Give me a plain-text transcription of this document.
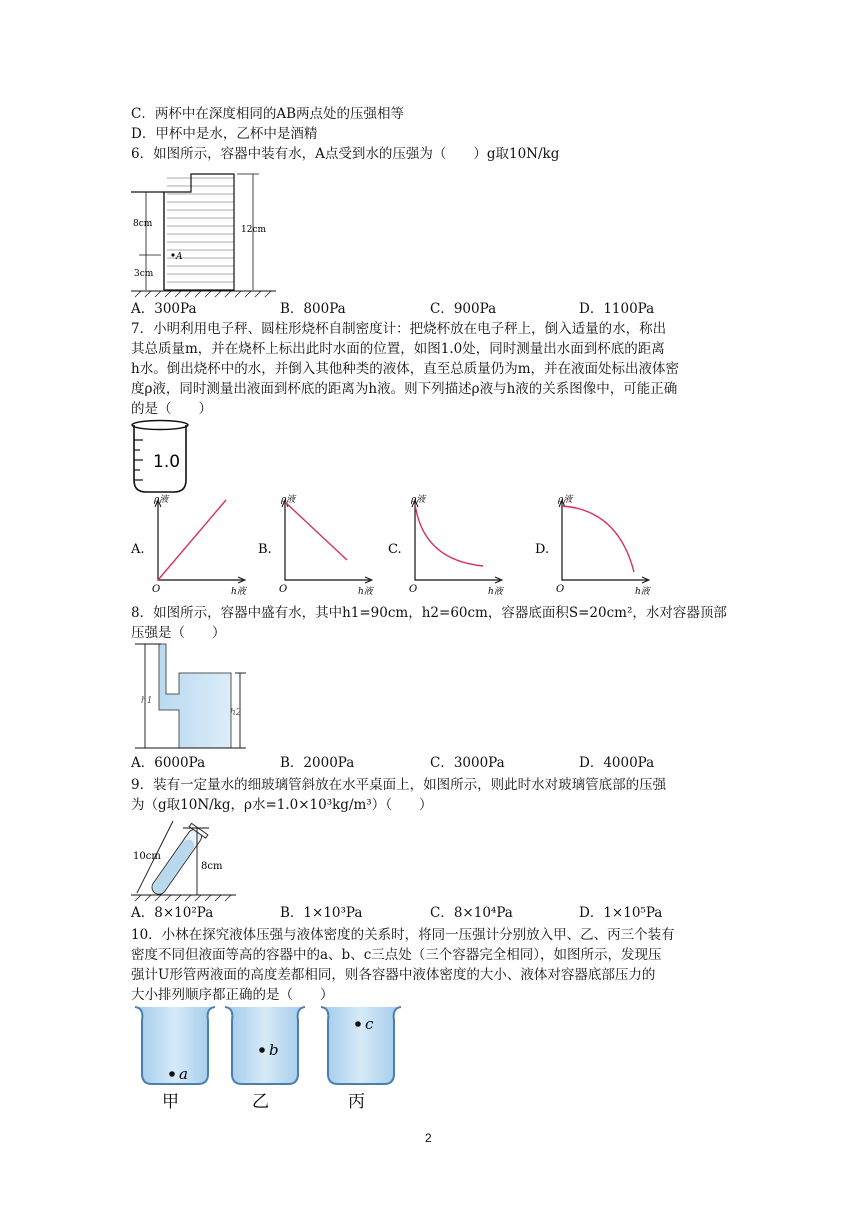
C．两杯中在深度相同的AB两点处的压强相等
D．甲杯中是水，乙杯中是酒精
6．如图所示，容器中装有水，A点受到水的压强为（　　）g取10N/kg
8cm
12cm
3cm
A
A．300Pa	B．800Pa	C．900Pa	D．1100Pa
7．小明利用电子秤、圆柱形烧杯自制密度计：把烧杯放在电子秤上，倒入适量的水，称出
其总质量m，并在烧杯上标出此时水面的位置，如图1.0处，同时测量出水面到杯底的距离
h水。倒出烧杯中的水，并倒入其他种类的液体，直至总质量仍为m，并在液面处标出液体密
度ρ液，同时测量出液面到杯底的距离为h液。则下列描述ρ液与h液的关系图像中，可能正确
的是（　　）
1.0
A.
ρ液
O	h液
B.
ρ液
O	h液
C.
ρ液
O	h液
D.
ρ液
O	h液
8．如图所示，容器中盛有水，其中h1=90cm，h2=60cm，容器底面积S=20cm²，水对容器顶部
压强是（　　）
h1
h2
A．6000Pa	B．2000Pa	C．3000Pa	D．4000Pa
9．装有一定量水的细玻璃管斜放在水平桌面上，如图所示，则此时水对玻璃管底部的压强
为（g取10N/kg，ρ水=1.0×10³kg/m³）（　　）
10cm
8cm
A．8×10²Pa	B．1×10³Pa	C．8×10⁴Pa	D．1×10⁵Pa
10．小林在探究液体压强与液体密度的关系时，将同一压强计分别放入甲、乙、丙三个装有
密度不同但液面等高的容器中的a、b、c三点处（三个容器完全相同），如图所示，发现压
强计U形管两液面的高度差都相同，则各容器中液体密度的大小、液体对容器底部压力的
大小排列顺序都正确的是（　　）
a
甲
b
乙
c
丙
2
